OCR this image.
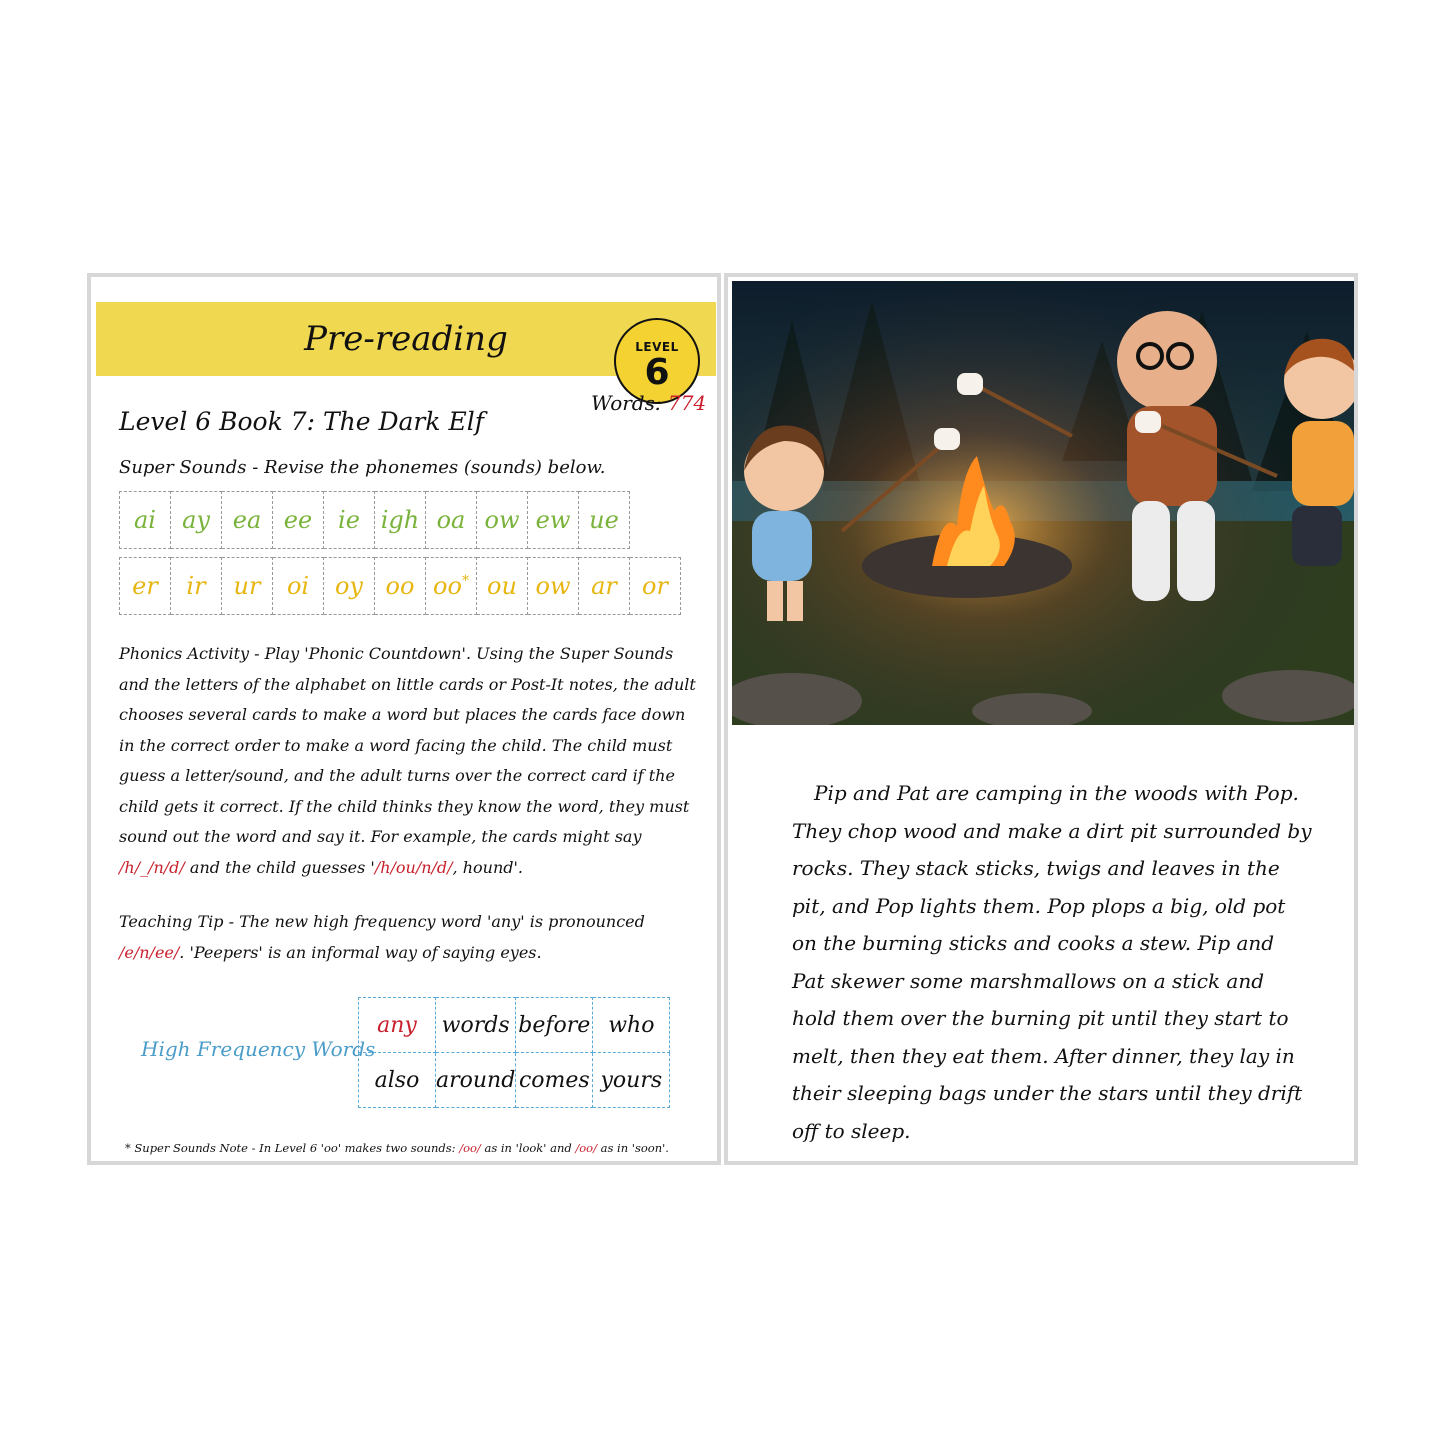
Pre-reading	LEVEL
6
Words: 774
Level 6 Book 7: The Dark Elf
Super Sounds - Revise the phonemes (sounds) below.
ai	ay	ea	ee	ie	igh	oa	ow	ew	ue
er	ir	ur	oi	oy	oo	oo*	ou	ow	ar	or
Phonics Activity - Play 'Phonic Countdown'. Using the Super Sounds and the letters of the alphabet on little cards or Post-It notes, the adult chooses several cards to make a word but places the cards face down in the correct order to make a word facing the child. The child must guess a letter/sound, and the adult turns over the correct card if the child gets it correct. If the child thinks they know the word, they must sound out the word and say it. For example, the cards might say /h/_/n/d/ and the child guesses '/h/ou/n/d/, hound'.
Teaching Tip - The new high frequency word 'any' is pronounced /e/n/ee/. 'Peepers' is an informal way of saying eyes.
High Frequency Words
any	words	before	who
also	around	comes	yours
* Super Sounds Note - In Level 6 'oo' makes two sounds: /oo/ as in 'look' and /oo/ as in 'soon'.
Pip and Pat are camping in the woods with Pop. They chop wood and make a dirt pit surrounded by rocks. They stack sticks, twigs and leaves in the pit, and Pop lights them. Pop plops a big, old pot on the burning sticks and cooks a stew. Pip and Pat skewer some marshmallows on a stick and hold them over the burning pit until they start to melt, then they eat them. After dinner, they lay in their sleeping bags under the stars until they drift off to sleep.
